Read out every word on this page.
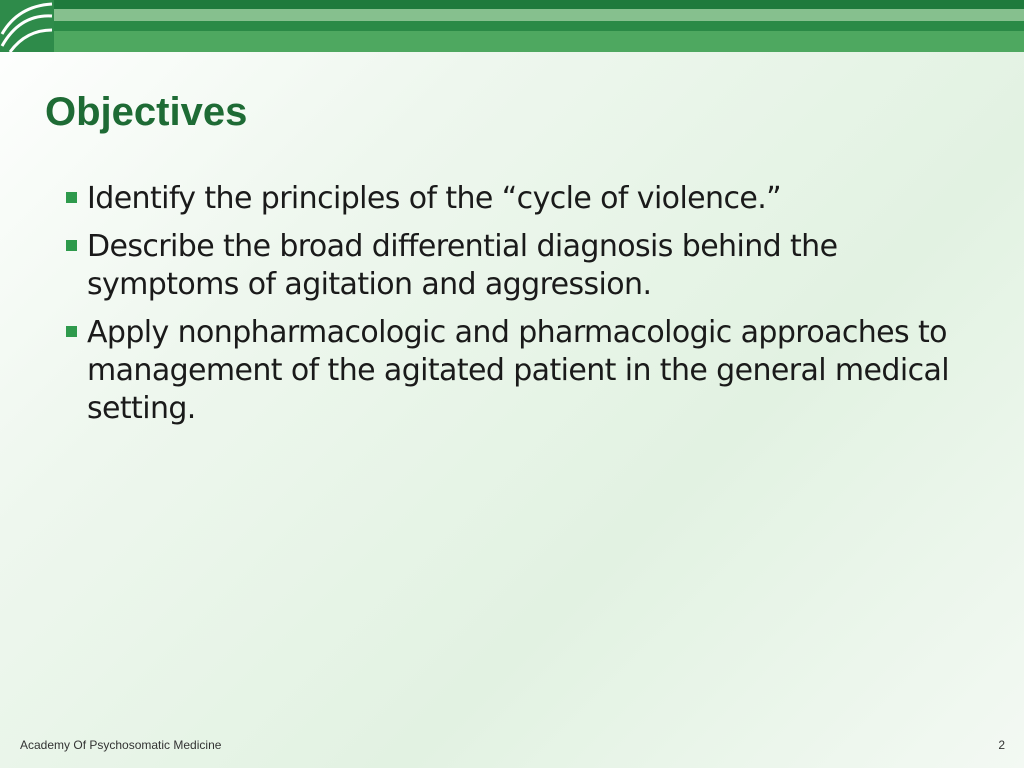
Objectives
Identify the principles of the “cycle of violence.”
Describe the broad differential diagnosis behind the symptoms of agitation and aggression.
Apply nonpharmacologic and pharmacologic approaches to management of the agitated patient in the general medical setting.
Academy Of Psychosomatic Medicine	2
